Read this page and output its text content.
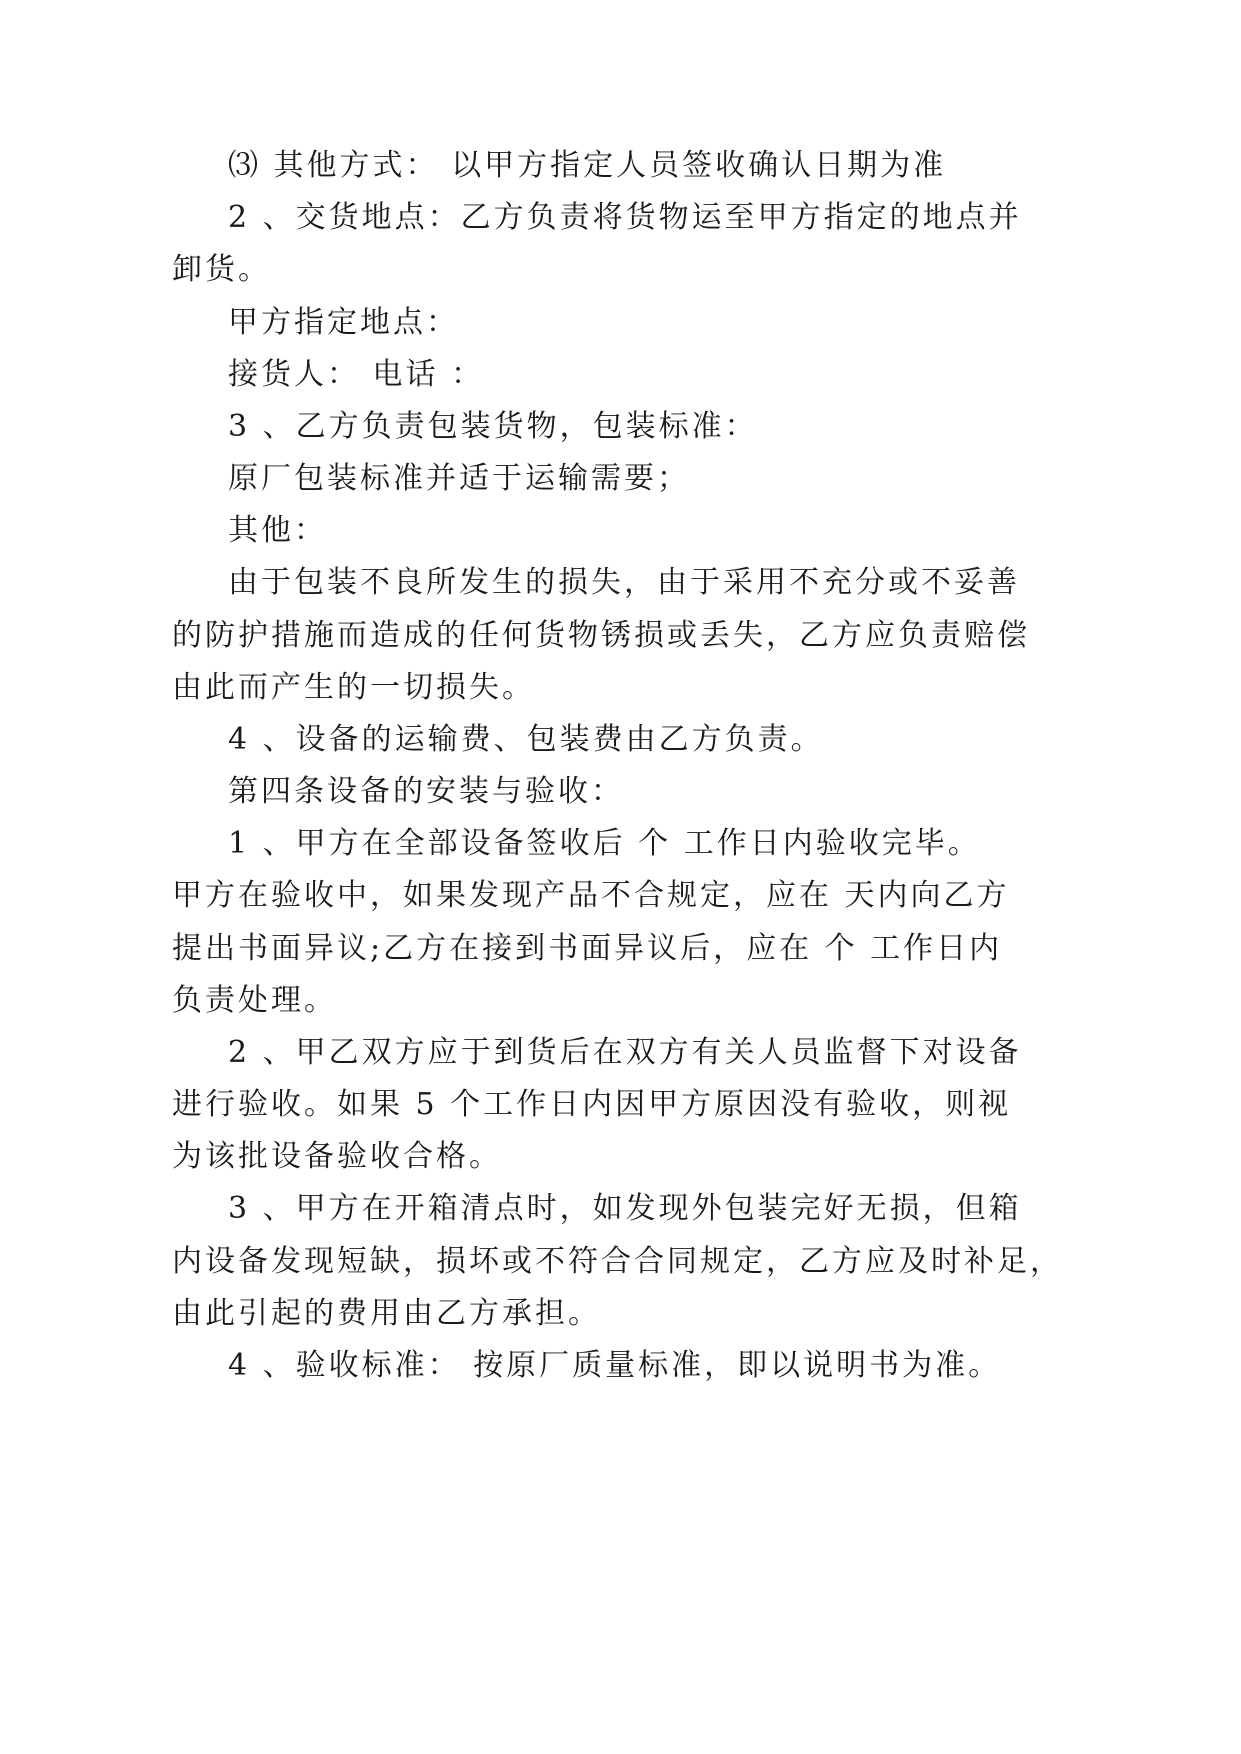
⑶ 其他方式： 以甲方指定人员签收确认日期为准
2 、交货地点：乙方负责将货物运至甲方指定的地点并
卸货。
甲方指定地点：
接货人： 电话 ：
3 、乙方负责包装货物，包装标准：
原厂包装标准并适于运输需要；
其他：
由于包装不良所发生的损失，由于采用不充分或不妥善
的防护措施而造成的任何货物锈损或丢失，乙方应负责赔偿
由此而产生的一切损失。
4 、设备的运输费、包装费由乙方负责。
第四条设备的安装与验收：
1 、甲方在全部设备签收后 个 工作日内验收完毕。
甲方在验收中，如果发现产品不合规定，应在 天内向乙方
提出书面异议;乙方在接到书面异议后，应在 个 工作日内
负责处理。
2 、甲乙双方应于到货后在双方有关人员监督下对设备
进行验收。如果 5 个工作日内因甲方原因没有验收，则视
为该批设备验收合格。
3 、甲方在开箱清点时，如发现外包装完好无损，但箱
内设备发现短缺，损坏或不符合合同规定，乙方应及时补足，
由此引起的费用由乙方承担。
4 、验收标准： 按原厂质量标准，即以说明书为准。
